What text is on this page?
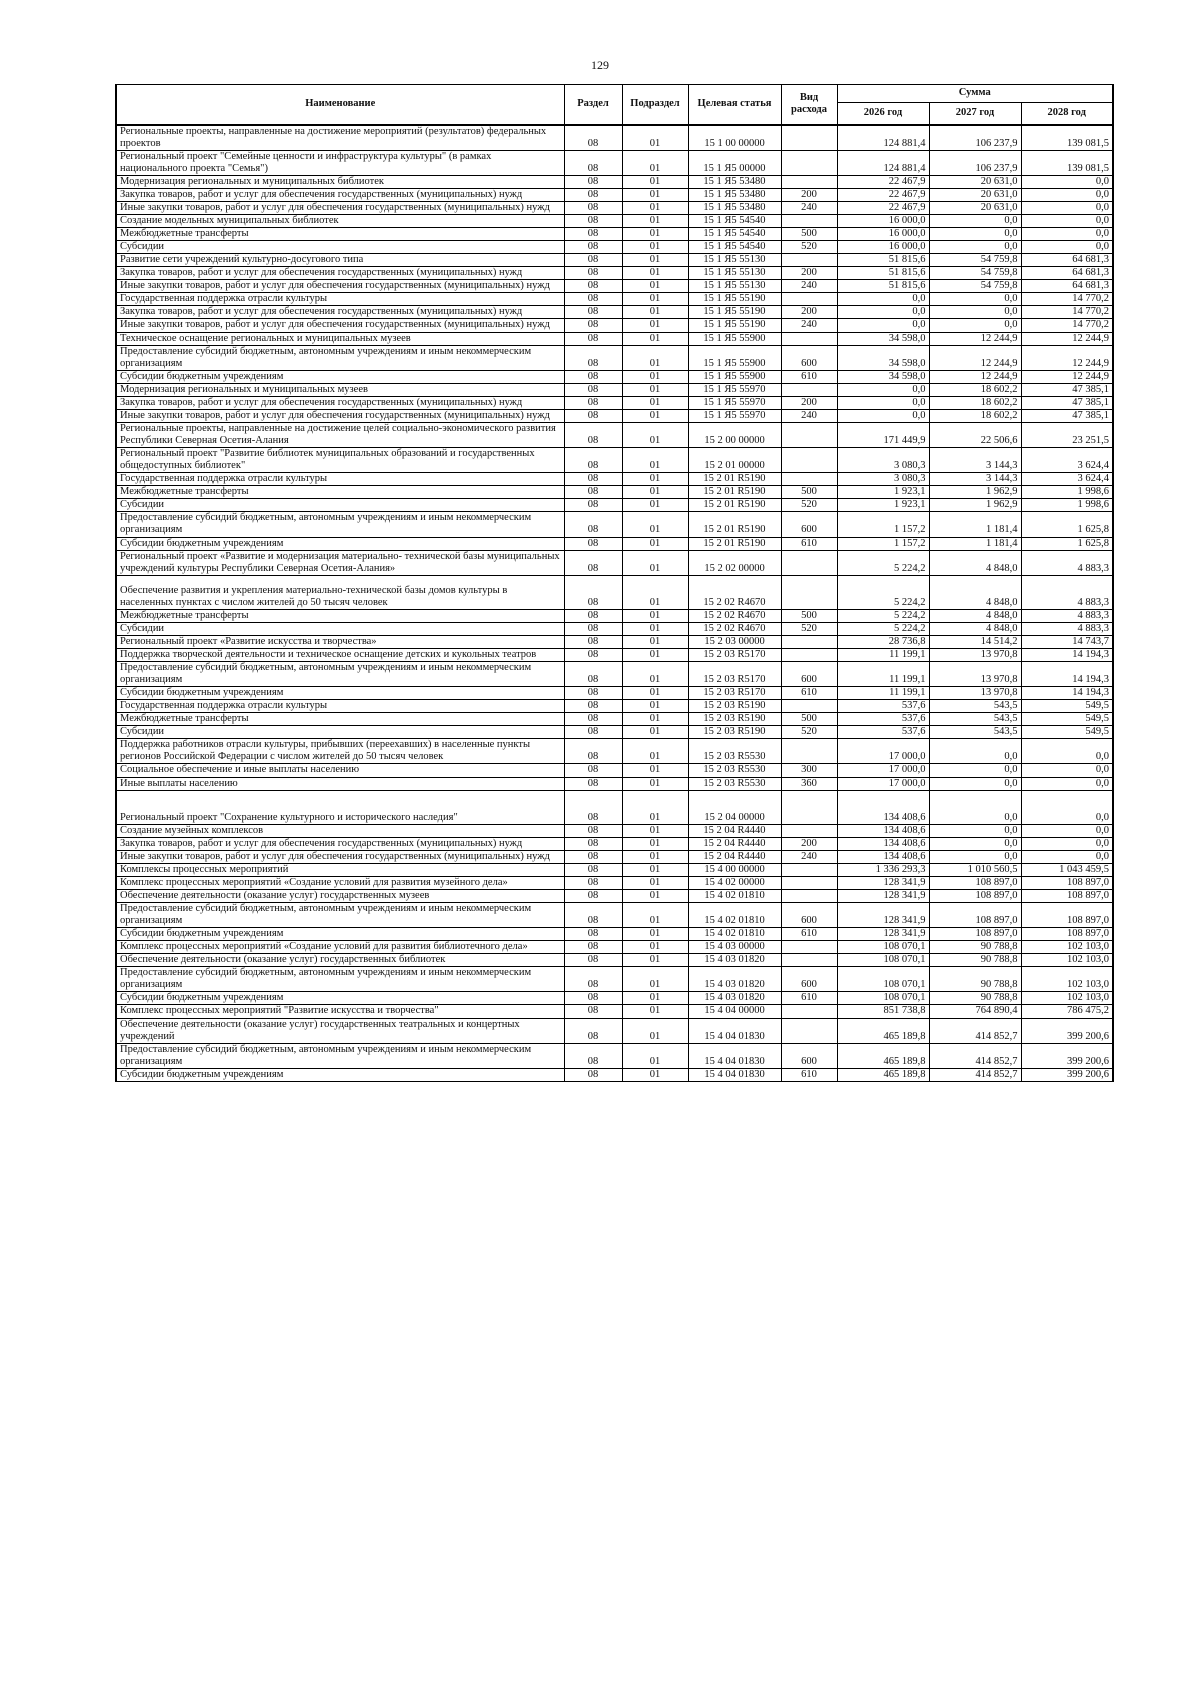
129
Наименование	Раздел	Подраздел	Целевая статья	Вид расхода	Сумма		
					2026 год	2027 год	2028 год
Региональные проекты, направленные на достижение мероприятий (результатов) федеральных проектов	08	01	15 1 00 00000		124 881,4	106 237,9	139 081,5
Региональный проект "Семейные ценности и инфраструктура культуры" (в рамках национального проекта "Семья")	08	01	15 1 Я5 00000		124 881,4	106 237,9	139 081,5
Модернизация региональных и муниципальных библиотек	08	01	15 1 Я5 53480		22 467,9	20 631,0	0,0
Закупка товаров, работ и услуг для обеспечения государственных (муниципальных) нужд	08	01	15 1 Я5 53480	200	22 467,9	20 631,0	0,0
Иные закупки товаров, работ и услуг для обеспечения государственных (муниципальных) нужд	08	01	15 1 Я5 53480	240	22 467,9	20 631,0	0,0
Создание модельных муниципальных библиотек	08	01	15 1 Я5 54540		16 000,0	0,0	0,0
Межбюджетные трансферты	08	01	15 1 Я5 54540	500	16 000,0	0,0	0,0
Субсидии	08	01	15 1 Я5 54540	520	16 000,0	0,0	0,0
Развитие сети учреждений культурно-досугового типа	08	01	15 1 Я5 55130		51 815,6	54 759,8	64 681,3
Закупка товаров, работ и услуг для обеспечения государственных (муниципальных) нужд	08	01	15 1 Я5 55130	200	51 815,6	54 759,8	64 681,3
Иные закупки товаров, работ и услуг для обеспечения государственных (муниципальных) нужд	08	01	15 1 Я5 55130	240	51 815,6	54 759,8	64 681,3
Государственная поддержка отрасли культуры	08	01	15 1 Я5 55190		0,0	0,0	14 770,2
Закупка товаров, работ и услуг для обеспечения государственных (муниципальных) нужд	08	01	15 1 Я5 55190	200	0,0	0,0	14 770,2
Иные закупки товаров, работ и услуг для обеспечения государственных (муниципальных) нужд	08	01	15 1 Я5 55190	240	0,0	0,0	14 770,2
Техническое оснащение региональных и муниципальных музеев	08	01	15 1 Я5 55900		34 598,0	12 244,9	12 244,9
Предоставление субсидий бюджетным, автономным учреждениям и иным некоммерческим организациям	08	01	15 1 Я5 55900	600	34 598,0	12 244,9	12 244,9
Субсидии бюджетным учреждениям	08	01	15 1 Я5 55900	610	34 598,0	12 244,9	12 244,9
Модернизация региональных и муниципальных музеев	08	01	15 1 Я5 55970		0,0	18 602,2	47 385,1
Закупка товаров, работ и услуг для обеспечения государственных (муниципальных) нужд	08	01	15 1 Я5 55970	200	0,0	18 602,2	47 385,1
Иные закупки товаров, работ и услуг для обеспечения государственных (муниципальных) нужд	08	01	15 1 Я5 55970	240	0,0	18 602,2	47 385,1
Региональные проекты, направленные на достижение целей социально-экономического развития Республики Северная Осетия-Алания	08	01	15 2 00 00000		171 449,9	22 506,6	23 251,5
Региональный проект "Развитие библиотек муниципальных образований и государственных общедоступных библиотек"	08	01	15 2 01 00000		3 080,3	3 144,3	3 624,4
Государственная поддержка отрасли культуры	08	01	15 2 01 R5190		3 080,3	3 144,3	3 624,4
Межбюджетные трансферты	08	01	15 2 01 R5190	500	1 923,1	1 962,9	1 998,6
Субсидии	08	01	15 2 01 R5190	520	1 923,1	1 962,9	1 998,6
Предоставление субсидий бюджетным, автономным учреждениям и иным некоммерческим организациям	08	01	15 2 01 R5190	600	1 157,2	1 181,4	1 625,8
Субсидии бюджетным учреждениям	08	01	15 2 01 R5190	610	1 157,2	1 181,4	1 625,8
Региональный проект «Развитие и модернизация материально- технической базы муниципальных учреждений культуры Республики Северная Осетия-Алания»	08	01	15 2 02 00000		5 224,2	4 848,0	4 883,3
Обеспечение развития и укрепления материально-технической базы домов культуры в населенных пунктах с числом жителей до 50 тысяч человек	08	01	15 2 02 R4670		5 224,2	4 848,0	4 883,3
Межбюджетные трансферты	08	01	15 2 02 R4670	500	5 224,2	4 848,0	4 883,3
Субсидии	08	01	15 2 02 R4670	520	5 224,2	4 848,0	4 883,3
Региональный проект «Развитие искусства и творчества»	08	01	15 2 03 00000		28 736,8	14 514,2	14 743,7
Поддержка творческой деятельности и техническое оснащение детских и кукольных театров	08	01	15 2 03 R5170		11 199,1	13 970,8	14 194,3
Предоставление субсидий бюджетным, автономным учреждениям и иным некоммерческим организациям	08	01	15 2 03 R5170	600	11 199,1	13 970,8	14 194,3
Субсидии бюджетным учреждениям	08	01	15 2 03 R5170	610	11 199,1	13 970,8	14 194,3
Государственная поддержка отрасли культуры	08	01	15 2 03 R5190		537,6	543,5	549,5
Межбюджетные трансферты	08	01	15 2 03 R5190	500	537,6	543,5	549,5
Субсидии	08	01	15 2 03 R5190	520	537,6	543,5	549,5
Поддержка работников отрасли культуры, прибывших (переехавших) в населенные пункты регионов Российской Федерации с числом жителей до 50 тысяч человек	08	01	15 2 03 R5530		17 000,0	0,0	0,0
Социальное обеспечение и иные выплаты населению	08	01	15 2 03 R5530	300	17 000,0	0,0	0,0
Иные выплаты населению	08	01	15 2 03 R5530	360	17 000,0	0,0	0,0
Региональный проект "Сохранение культурного и исторического наследия"	08	01	15 2 04 00000		134 408,6	0,0	0,0
Создание музейных комплексов	08	01	15 2 04 R4440		134 408,6	0,0	0,0
Закупка товаров, работ и услуг для обеспечения государственных (муниципальных) нужд	08	01	15 2 04 R4440	200	134 408,6	0,0	0,0
Иные закупки товаров, работ и услуг для обеспечения государственных (муниципальных) нужд	08	01	15 2 04 R4440	240	134 408,6	0,0	0,0
Комплексы процессных мероприятий	08	01	15 4 00 00000		1 336 293,3	1 010 560,5	1 043 459,5
Комплекс процессных мероприятий «Создание условий для развития музейного дела»	08	01	15 4 02 00000		128 341,9	108 897,0	108 897,0
Обеспечение деятельности (оказание услуг) государственных музеев	08	01	15 4 02 01810		128 341,9	108 897,0	108 897,0
Предоставление субсидий бюджетным, автономным учреждениям и иным некоммерческим организациям	08	01	15 4 02 01810	600	128 341,9	108 897,0	108 897,0
Субсидии бюджетным учреждениям	08	01	15 4 02 01810	610	128 341,9	108 897,0	108 897,0
Комплекс процессных мероприятий «Создание условий для развития библиотечного дела»	08	01	15 4 03 00000		108 070,1	90 788,8	102 103,0
Обеспечение деятельности (оказание услуг) государственных библиотек	08	01	15 4 03 01820		108 070,1	90 788,8	102 103,0
Предоставление субсидий бюджетным, автономным учреждениям и иным некоммерческим организациям	08	01	15 4 03 01820	600	108 070,1	90 788,8	102 103,0
Субсидии бюджетным учреждениям	08	01	15 4 03 01820	610	108 070,1	90 788,8	102 103,0
Комплекс процессных мероприятий "Развитие искусства и творчества"	08	01	15 4 04 00000		851 738,8	764 890,4	786 475,2
Обеспечение деятельности (оказание услуг) государственных театральных и концертных учреждений	08	01	15 4 04 01830		465 189,8	414 852,7	399 200,6
Предоставление субсидий бюджетным, автономным учреждениям и иным некоммерческим организациям	08	01	15 4 04 01830	600	465 189,8	414 852,7	399 200,6
Субсидии бюджетным учреждениям	08	01	15 4 04 01830	610	465 189,8	414 852,7	399 200,6
